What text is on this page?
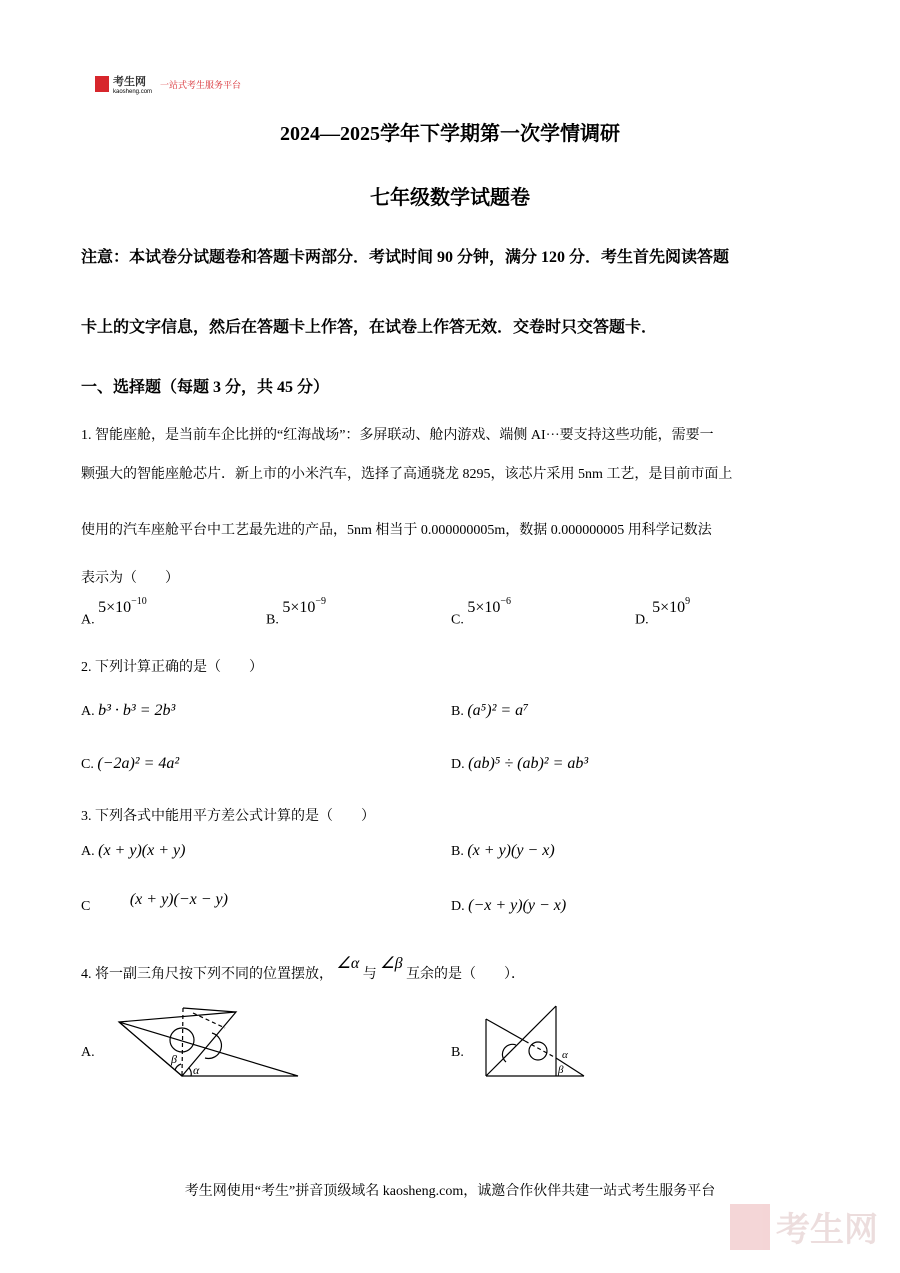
考生网
kaosheng.com
一站式考生服务平台
2024—2025学年下学期第一次学情调研
七年级数学试题卷
注意：本试卷分试题卷和答题卡两部分．考试时间 90 分钟，满分 120 分．考生首先阅读答题
卡上的文字信息，然后在答题卡上作答，在试卷上作答无效．交卷时只交答题卡．
一、选择题（每题 3 分，共 45 分）
1. 智能座舱，是当前车企比拼的“红海战场”：多屏联动、舱内游戏、端侧 AI···要支持这些功能，需要一
颗强大的智能座舱芯片．新上市的小米汽车，选择了高通骁龙 8295，该芯片采用 5nm 工艺，是目前市面上
使用的汽车座舱平台中工艺最先进的产品，5nm 相当于 0.000000005m，数据 0.000000005 用科学记数法
表示为（　　）
A. $5\times 10^{-10}$
B. $5\times 10^{-9}$
C. $5\times 10^{-6}$
D. $5\times 10^9$
2. 下列计算正确的是（　　）
A. b³ · b³ = 2b³	B. (a⁵)² = a⁷
C. (−2a)² = 4a²	D. (ab)⁵ ÷ (ab)² = ab³
3. 下列各式中能用平方差公式计算的是（　　）
A. (x + y)(x + y)	B. (x + y)(y − x)
C (x + y)(−x − y)	D. (−x + y)(y − x)
4. 将一副三角尺按下列不同的位置摆放， ∠α 与 ∠β 互余的是（　　）．
A.	B.
β
α
α
β
考生网使用“考生”拼音顶级域名 kaosheng.com，诚邀合作伙伴共建一站式考生服务平台
考生网
